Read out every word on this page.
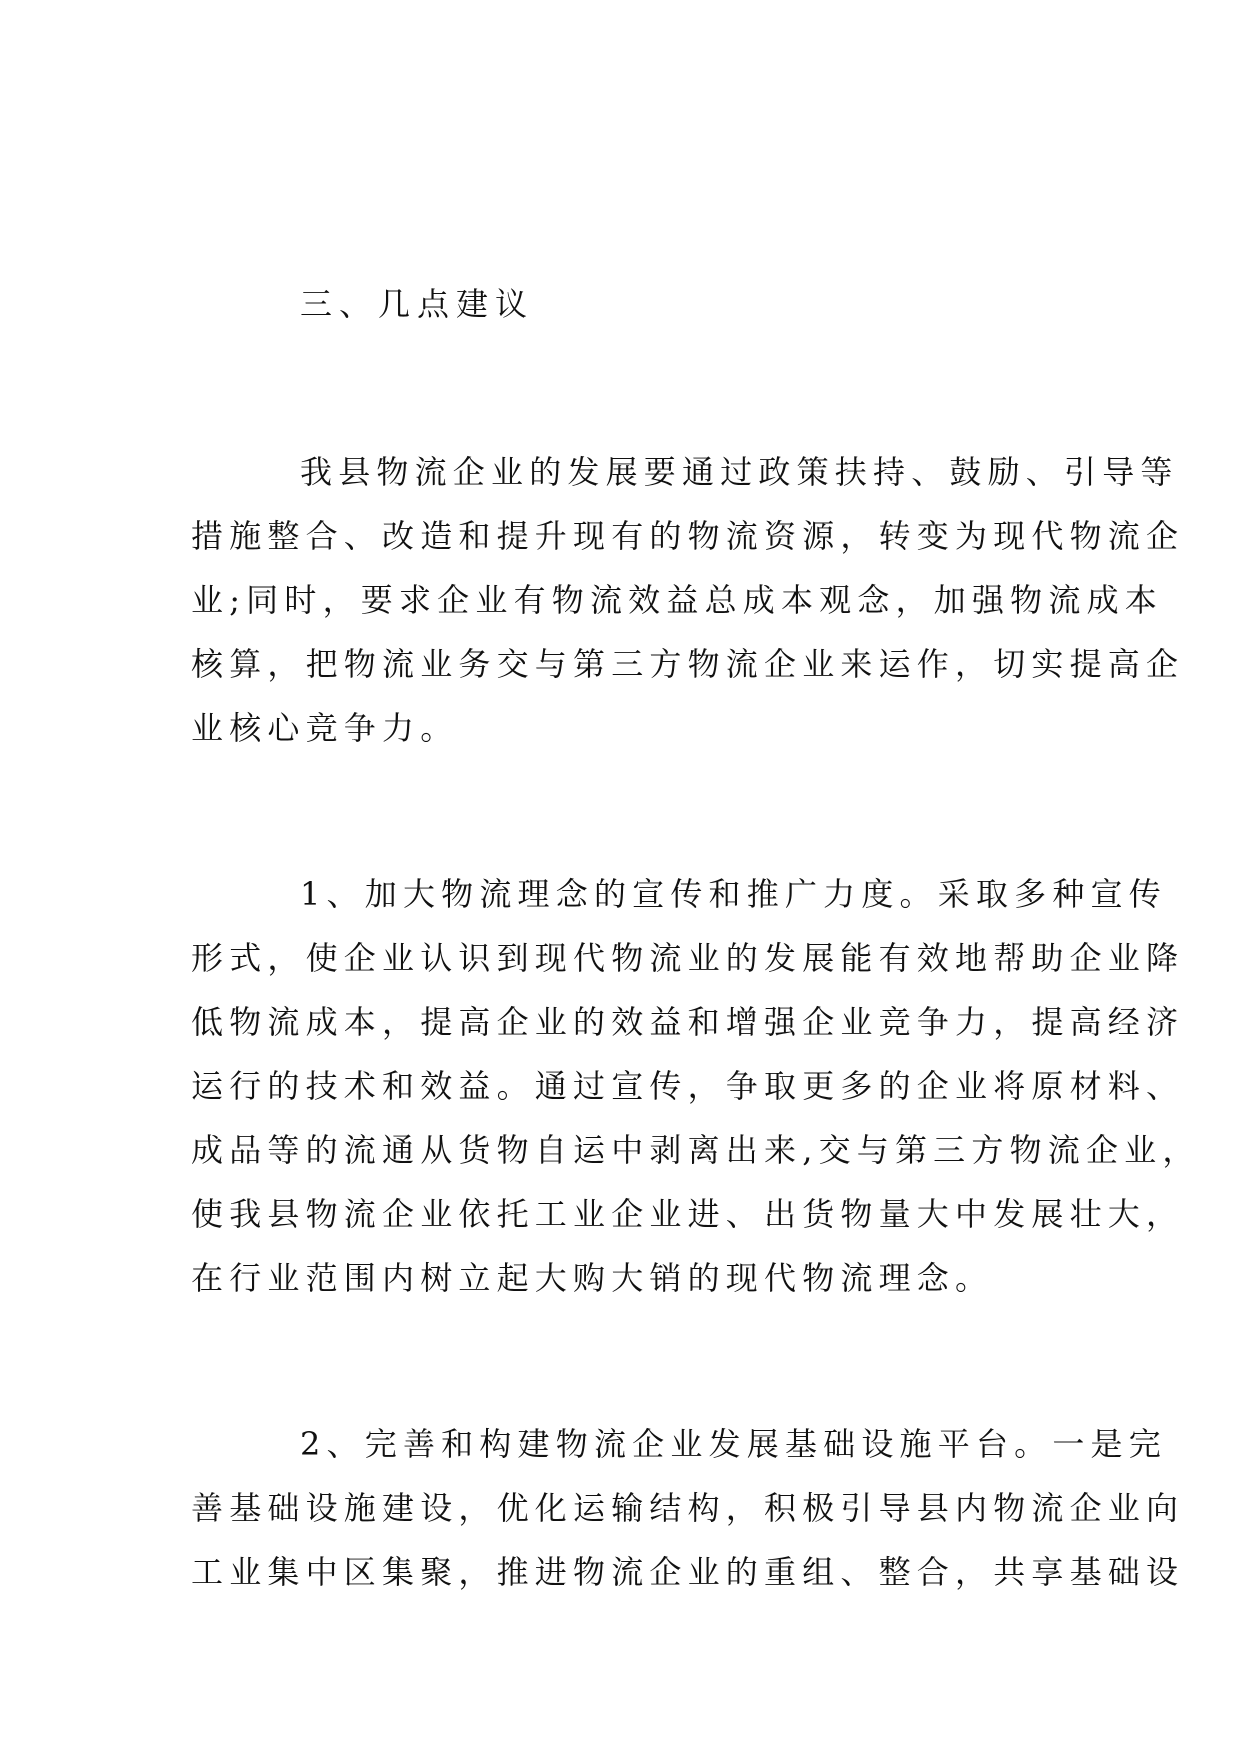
三、几点建议

我县物流企业的发展要通过政策扶持、鼓励、引导等

措施整合、改造和提升现有的物流资源，转变为现代物流企

业;同时，要求企业有物流效益总成本观念，加强物流成本

核算，把物流业务交与第三方物流企业来运作，切实提高企

业核心竞争力。

1、加大物流理念的宣传和推广力度。采取多种宣传

形式，使企业认识到现代物流业的发展能有效地帮助企业降

低物流成本，提高企业的效益和增强企业竞争力，提高经济

运行的技术和效益。通过宣传，争取更多的企业将原材料、

成品等的流通从货物自运中剥离出来,交与第三方物流企业，

使我县物流企业依托工业企业进、出货物量大中发展壮大，

在行业范围内树立起大购大销的现代物流理念。

2、完善和构建物流企业发展基础设施平台。一是完

善基础设施建设，优化运输结构，积极引导县内物流企业向

工业集中区集聚，推进物流企业的重组、整合，共享基础设
